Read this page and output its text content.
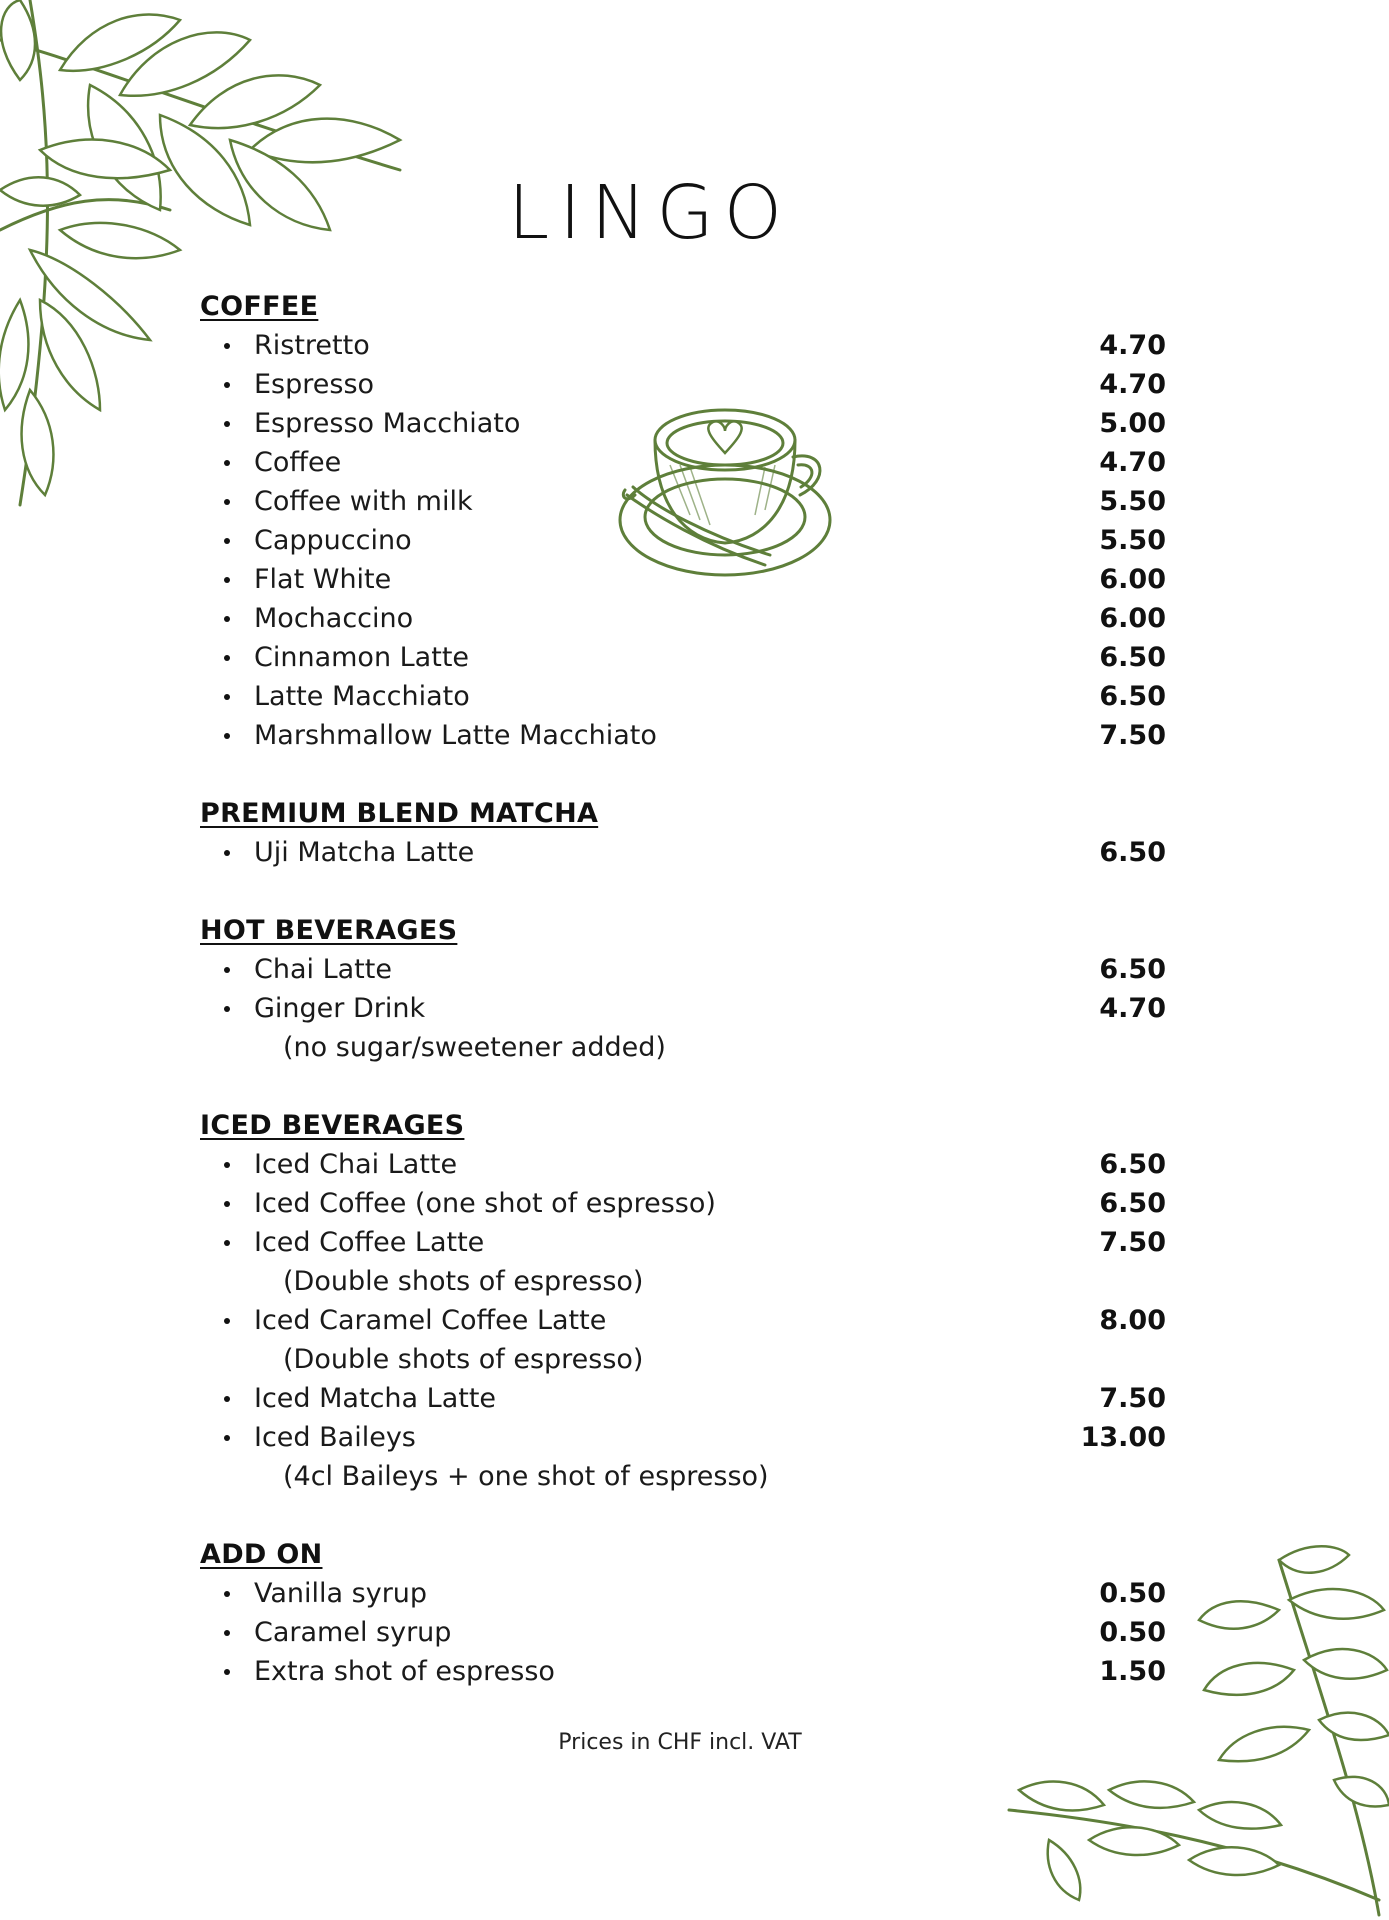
LINGO
COFFEE
Ristretto	4.70
Espresso	4.70
Espresso Macchiato	5.00
Coffee	4.70
Coffee with milk	5.50
Cappuccino	5.50
Flat White	6.00
Mochaccino	6.00
Cinnamon Latte	6.50
Latte Macchiato	6.50
Marshmallow Latte Macchiato	7.50
PREMIUM BLEND MATCHA
Uji Matcha Latte	6.50
HOT BEVERAGES
Chai Latte	6.50
Ginger Drink	4.70
(no sugar/sweetener added)
ICED BEVERAGES
Iced Chai Latte	6.50
Iced Coffee (one shot of espresso)	6.50
Iced Coffee Latte	7.50
(Double shots of espresso)
Iced Caramel Coffee Latte	8.00
(Double shots of espresso)
Iced Matcha Latte	7.50
Iced Baileys	13.00
(4cl Baileys + one shot of espresso)
ADD ON
Vanilla syrup	0.50
Caramel syrup	0.50
Extra shot of espresso	1.50
Prices in CHF incl. VAT
